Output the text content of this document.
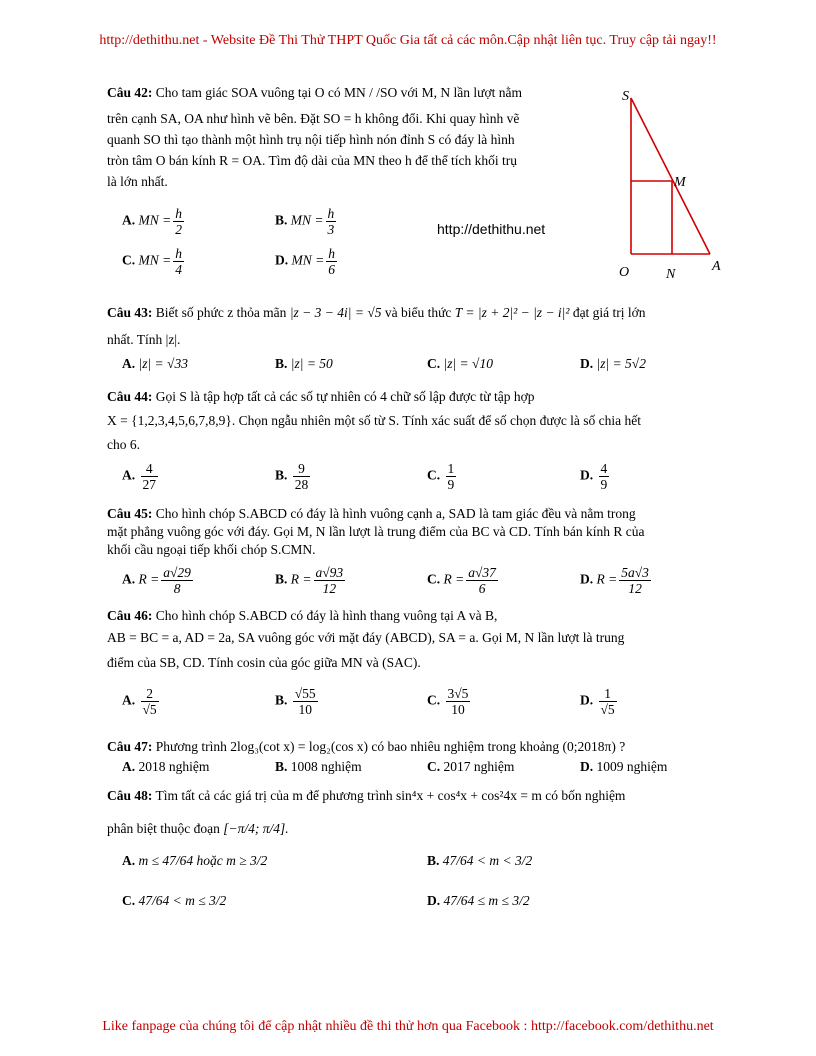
http://dethithu.net - Website Đề Thi Thử THPT Quốc Gia tất cả các môn.Cập nhật liên tục. Truy cập tải ngay!!
S
M
O	N
A
http://dethithu.net
Câu 42: Cho tam giác SOA vuông tại O có MN / /SO với M, N lần lượt nằm
trên cạnh SA, OA như hình vẽ bên. Đặt SO = h không đổi. Khi quay hình vẽ
quanh SO thì tạo thành một hình trụ nội tiếp hình nón đỉnh S có đáy là hình
tròn tâm O bán kính R = OA. Tìm độ dài của MN theo h để thể tích khối trụ
là lớn nhất.
A. MN = $\frac{h}{2}$	B. MN = $\frac{h}{3}$
C. MN = $\frac{h}{4}$	D. MN = $\frac{h}{6}$
Câu 43: Biết số phức z thỏa mãn |z − 3 − 4i| = √5 và biểu thức T = |z + 2|² − |z − i|² đạt giá trị lớn
nhất. Tính |z|.
A. |z| = √33	B. |z| = 50	C. |z| = √10	D. |z| = 5√2
Câu 44: Gọi S là tập hợp tất cả các số tự nhiên có 4 chữ số lập được từ tập hợp
X = {1,2,3,4,5,6,7,8,9}. Chọn ngẫu nhiên một số từ S. Tính xác suất để số chọn được là số chia hết
cho 6.
A. $\frac{4}{27}$	B. $\frac{9}{28}$	C. $\frac{1}{9}$	D. $\frac{4}{9}$
Câu 45: Cho hình chóp S.ABCD có đáy là hình vuông cạnh a, SAD là tam giác đều và nằm trong
mặt phẳng vuông góc với đáy. Gọi M, N lần lượt là trung điểm của BC và CD. Tính bán kính R của
khối cầu ngoại tiếp khối chóp S.CMN.
A. $R = \frac{a√29}{8}$	B. $R = \frac{a√93}{12}$	C. $R = \frac{a√37}{6}$	D. $R = \frac{5a√3}{12}$
Câu 46: Cho hình chóp S.ABCD có đáy là hình thang vuông tại A và B,
AB = BC = a, AD = 2a, SA vuông góc với mặt đáy (ABCD), SA = a. Gọi M, N lần lượt là trung
điểm của SB, CD. Tính cosin của góc giữa MN và (SAC).
A. $\frac{2}{√5}$	B. $\frac{√55}{10}$	C. $\frac{3√5}{10}$	D. $\frac{1}{√5}$
Câu 47: Phương trình 2log₃(cot x) = log₂(cos x) có bao nhiêu nghiệm trong khoảng (0;2018π) ?
A. 2018 nghiệm	B. 1008 nghiệm	C. 2017 nghiệm	D. 1009 nghiệm
Câu 48: Tìm tất cả các giá trị của m để phương trình sin⁴x + cos⁴x + cos²4x = m có bốn nghiệm
phân biệt thuộc đoạn [−π/4; π/4].
A. m ≤ 47/64 hoặc m ≥ 3/2	B. 47/64 < m < 3/2
C. 47/64 < m ≤ 3/2	D. 47/64 ≤ m ≤ 3/2
Like fanpage của chúng tôi để cập nhật nhiều đề thi thử hơn qua Facebook : http://facebook.com/dethithu.net
